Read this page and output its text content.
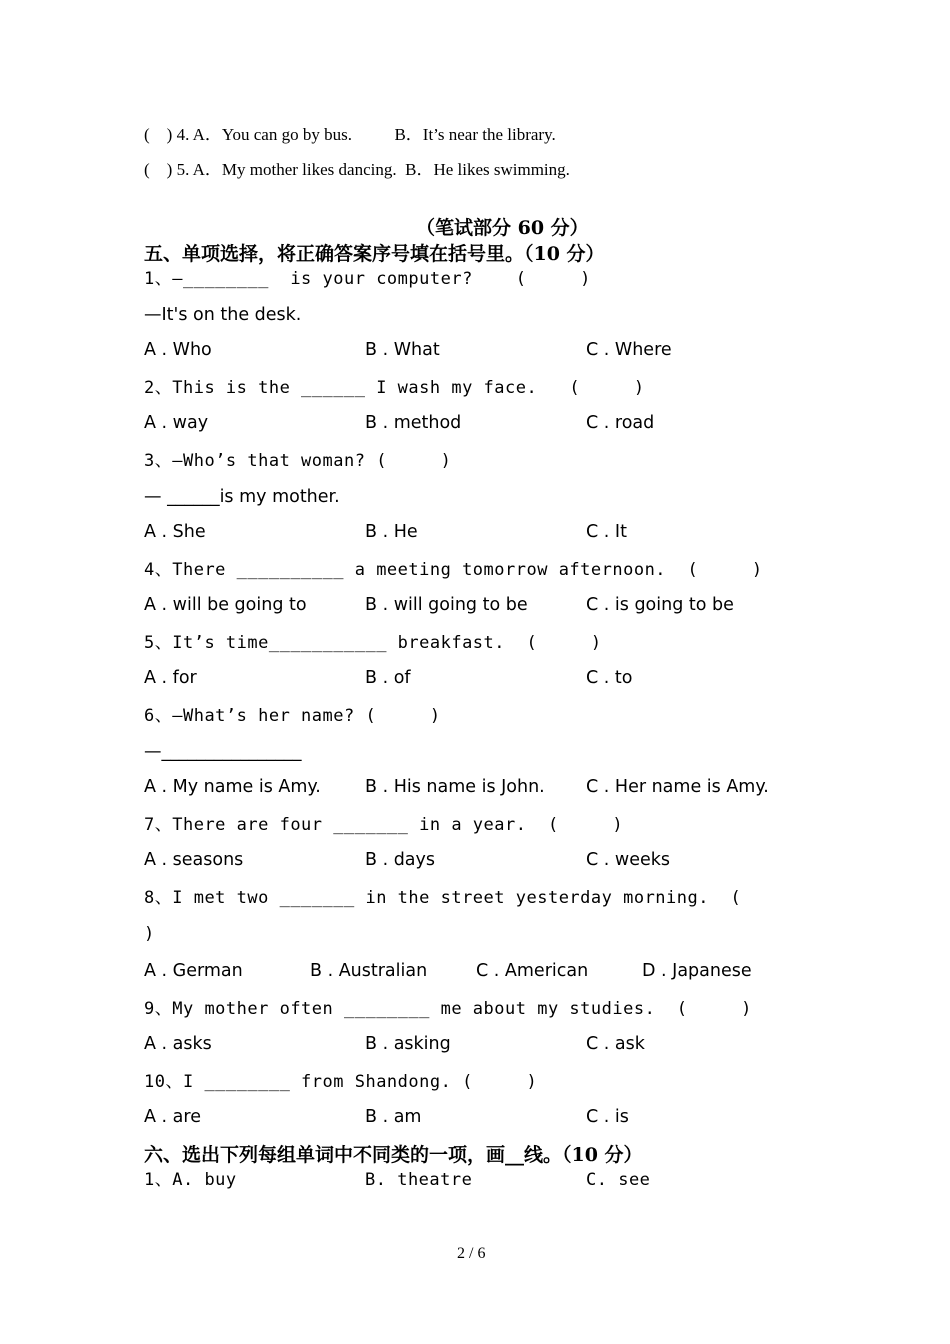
(    ) 4. A．You can go by bus.          B．It’s near the library.
(    ) 5. A．My mother likes dancing.  B．He likes swimming.
（笔试部分 60 分）
五、单项选择，将正确答案序号填在括号里。（10 分）
1、—________  is your computer?    (     )
—It's on the desk.
A . Who	B . What	C . Where
2、This is the ______ I wash my face.   (     )
A . way	B . method	C . road
3、—Who’s that woman? (     )
— ______is my mother.
A . She	B . He	C . It
4、There __________ a meeting tomorrow afternoon.  (     )
A . will be going to	B . will going to be	C . is going to be
5、It’s time___________ breakfast.  (     )
A . for	B . of	C . to
6、—What’s her name? (     )
—________________
A . My name is Amy.	B . His name is John. C . Her name is Amy.
7、There are four _______ in a year.  (     )
A . seasons	B . days	C . weeks
8、I met two _______ in the street yesterday morning.  (
)
A . German	B . Australian	C . American	D . Japanese
9、My mother often ________ me about my studies.  (     )
A . asks	B . asking	C . ask
10、I ________ from Shandong. (     )
A . are	B . am	C . is
六、选出下列每组单词中不同类的一项，画__线。（10 分）
1、A. buy	B. theatre	C. see
2 / 6
